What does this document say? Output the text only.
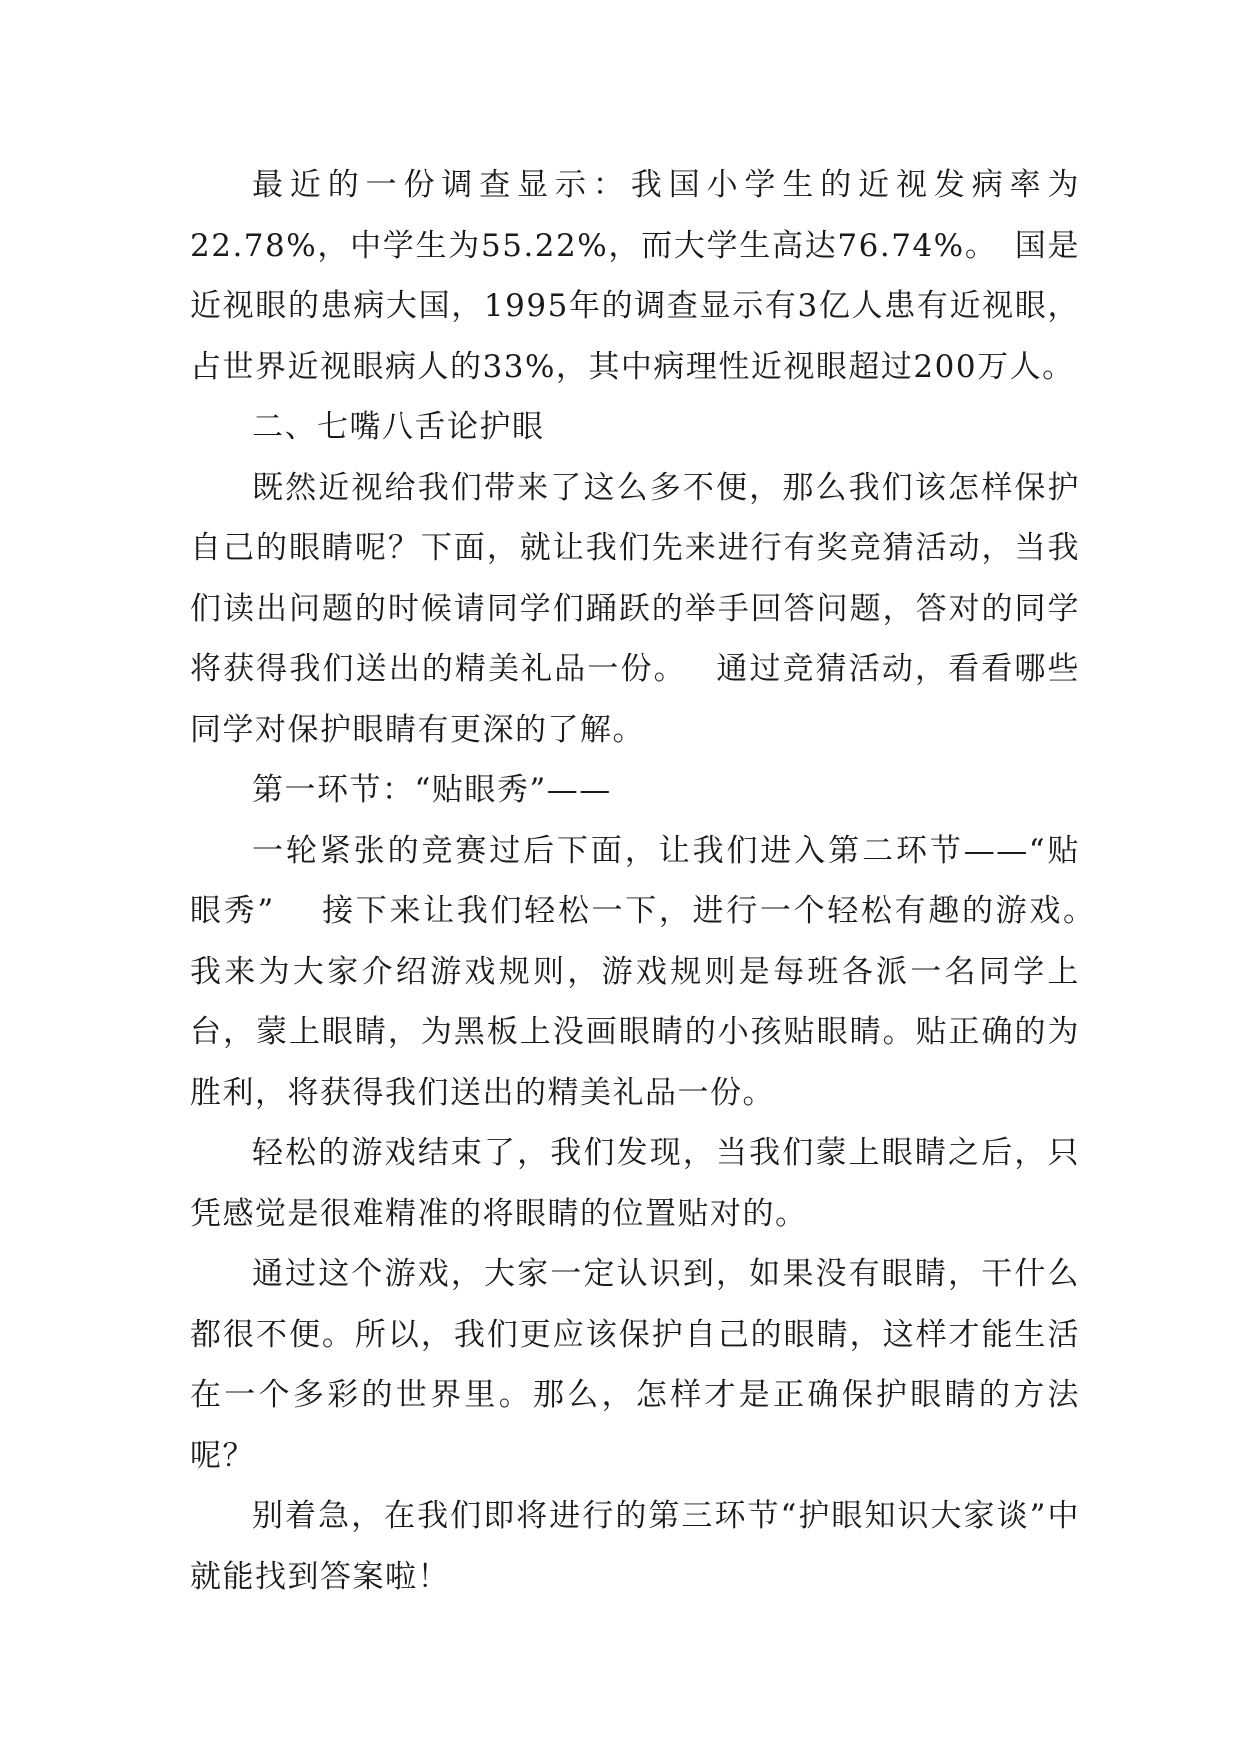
最近的一份调查显示：我国小学生的近视发病率为22.78%，中学生为55.22%，而大学生高达76.74%。　国是近视眼的患病大国，1995年的调查显示有3亿人患有近视眼，占世界近视眼病人的33%，其中病理性近视眼超过200万人。

二、七嘴八舌论护眼

既然近视给我们带来了这么多不便，那么我们该怎样保护自己的眼睛呢？下面，就让我们先来进行有奖竞猜活动，当我们读出问题的时候请同学们踊跃的举手回答问题，答对的同学将获得我们送出的精美礼品一份。　 通过竞猜活动，看看哪些同学对保护眼睛有更深的了解。

第一环节：“贴眼秀”——

一轮紧张的竞赛过后下面，让我们进入第二环节——“贴眼秀”　 接下来让我们轻松一下，进行一个轻松有趣的游戏。　我来为大家介绍游戏规则，游戏规则是每班各派一名同学上台，蒙上眼睛，为黑板上没画眼睛的小孩贴眼睛。贴正确的为胜利，将获得我们送出的精美礼品一份。

轻松的游戏结束了，我们发现，当我们蒙上眼睛之后，只凭感觉是很难精准的将眼睛的位置贴对的。

通过这个游戏，大家一定认识到，如果没有眼睛，干什么都很不便。所以，我们更应该保护自己的眼睛，这样才能生活在一个多彩的世界里。那么，怎样才是正确保护眼睛的方法呢？

别着急，在我们即将进行的第三环节“护眼知识大家谈”中就能找到答案啦！
